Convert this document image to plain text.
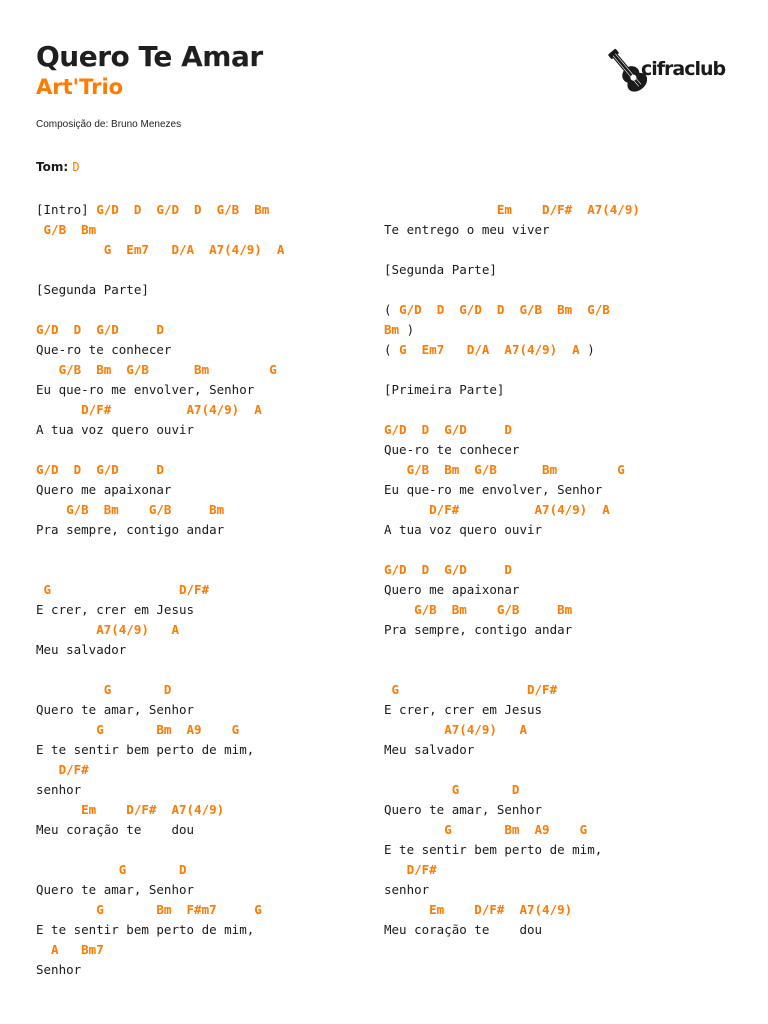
Quero Te Amar
Art'Trio
Composição de: Bruno Menezes
Tom: D
cifraclub
[Intro] G/D  D  G/D  D  G/B  Bm
G/B  Bm
G  Em7   D/A  A7(4/9)  A
[Segunda Parte]
G/D  D  G/D     D
Que-ro te conhecer
G/B  Bm  G/B      Bm        G
Eu que-ro me envolver, Senhor
D/F#          A7(4/9)  A
A tua voz quero ouvir
G/D  D  G/D     D
Quero me apaixonar
G/B  Bm    G/B     Bm
Pra sempre, contigo andar
G                 D/F#
E crer, crer em Jesus
A7(4/9)   A
Meu salvador
G       D
Quero te amar, Senhor
G       Bm  A9    G
E te sentir bem perto de mim,
D/F#
senhor
Em    D/F#  A7(4/9)
Meu coração te    dou
G       D
Quero te amar, Senhor
G       Bm  F#m7     G
E te sentir bem perto de mim,
A   Bm7
Senhor
Em    D/F#  A7(4/9)
Te entrego o meu viver
[Segunda Parte]
( G/D  D  G/D  D  G/B  Bm  G/B
Bm )
( G  Em7   D/A  A7(4/9)  A )
[Primeira Parte]
G/D  D  G/D     D
Que-ro te conhecer
G/B  Bm  G/B      Bm        G
Eu que-ro me envolver, Senhor
D/F#          A7(4/9)  A
A tua voz quero ouvir
G/D  D  G/D     D
Quero me apaixonar
G/B  Bm    G/B     Bm
Pra sempre, contigo andar
G                 D/F#
E crer, crer em Jesus
A7(4/9)   A
Meu salvador
G       D
Quero te amar, Senhor
G       Bm  A9    G
E te sentir bem perto de mim,
D/F#
senhor
Em    D/F#  A7(4/9)
Meu coração te    dou
